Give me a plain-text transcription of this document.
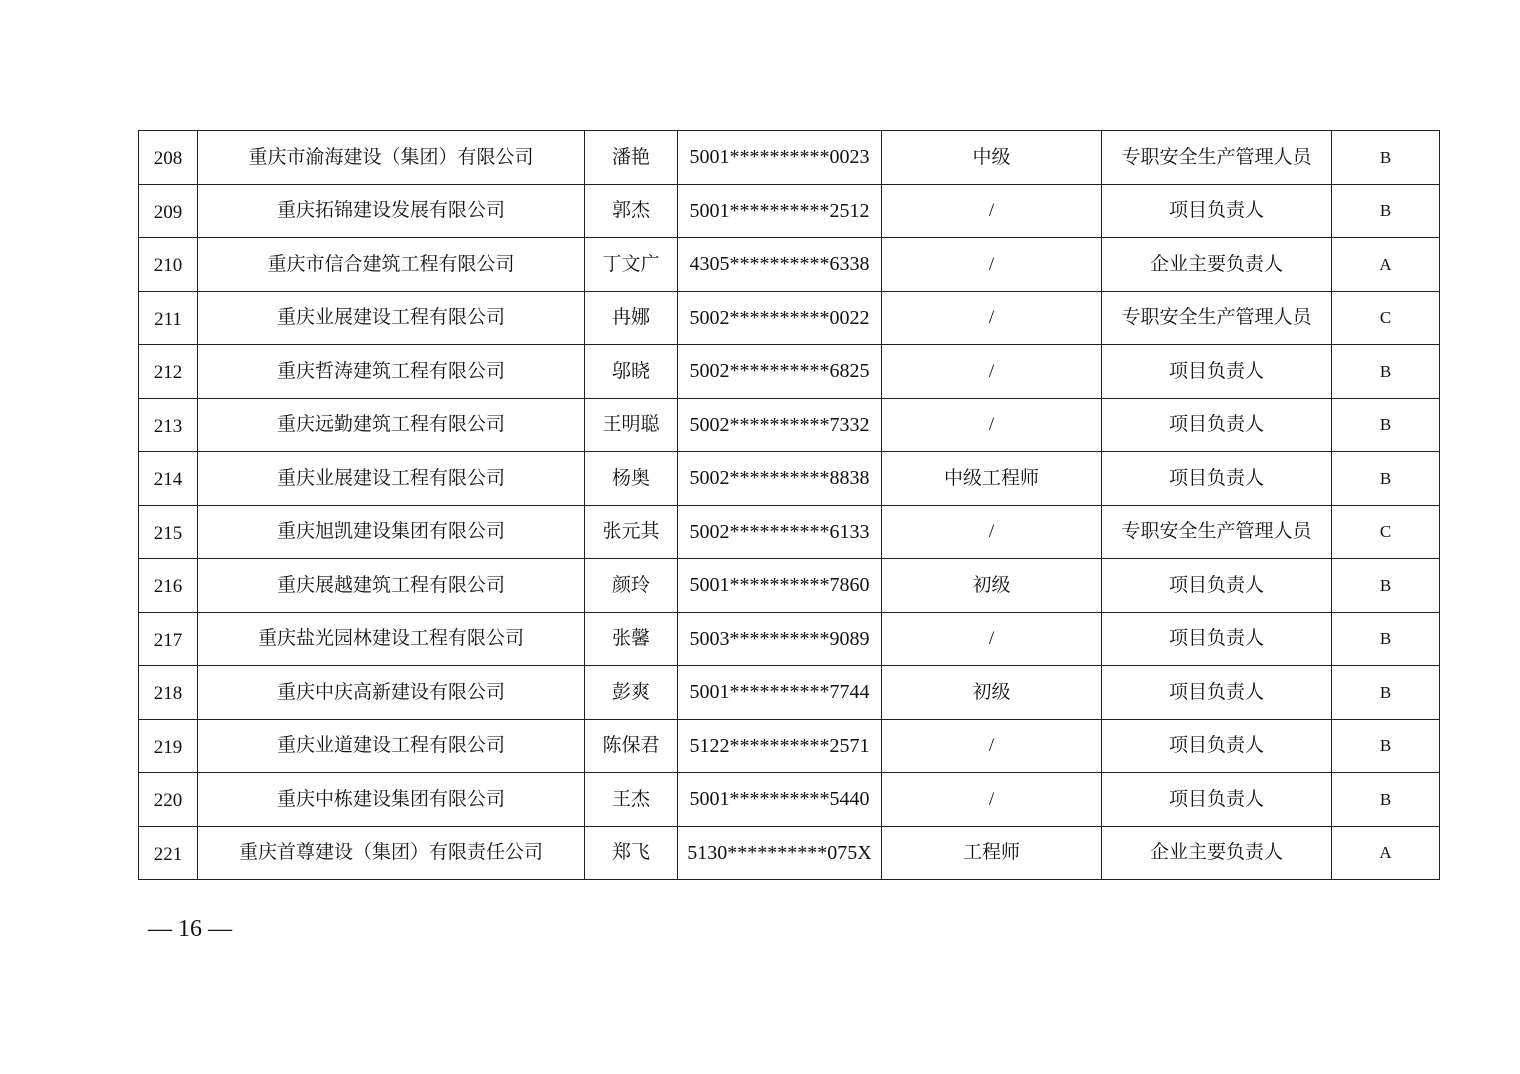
208	重庆市渝海建设（集团）有限公司	潘艳	5001**********0023	中级	专职安全生产管理人员	B
209	重庆拓锦建设发展有限公司	郭杰	5001**********2512	/	项目负责人	B
210	重庆市信合建筑工程有限公司	丁文广	4305**********6338	/	企业主要负责人	A
211	重庆业展建设工程有限公司	冉娜	5002**********0022	/	专职安全生产管理人员	C
212	重庆哲涛建筑工程有限公司	邬晓	5002**********6825	/	项目负责人	B
213	重庆远勤建筑工程有限公司	王明聪	5002**********7332	/	项目负责人	B
214	重庆业展建设工程有限公司	杨奥	5002**********8838	中级工程师	项目负责人	B
215	重庆旭凯建设集团有限公司	张元其	5002**********6133	/	专职安全生产管理人员	C
216	重庆展越建筑工程有限公司	颜玲	5001**********7860	初级	项目负责人	B
217	重庆盐光园林建设工程有限公司	张馨	5003**********9089	/	项目负责人	B
218	重庆中庆高新建设有限公司	彭爽	5001**********7744	初级	项目负责人	B
219	重庆业道建设工程有限公司	陈保君	5122**********2571	/	项目负责人	B
220	重庆中栋建设集团有限公司	王杰	5001**********5440	/	项目负责人	B
221	重庆首尊建设（集团）有限责任公司	郑飞	5130**********075X	工程师	企业主要负责人	A
— 16 —
